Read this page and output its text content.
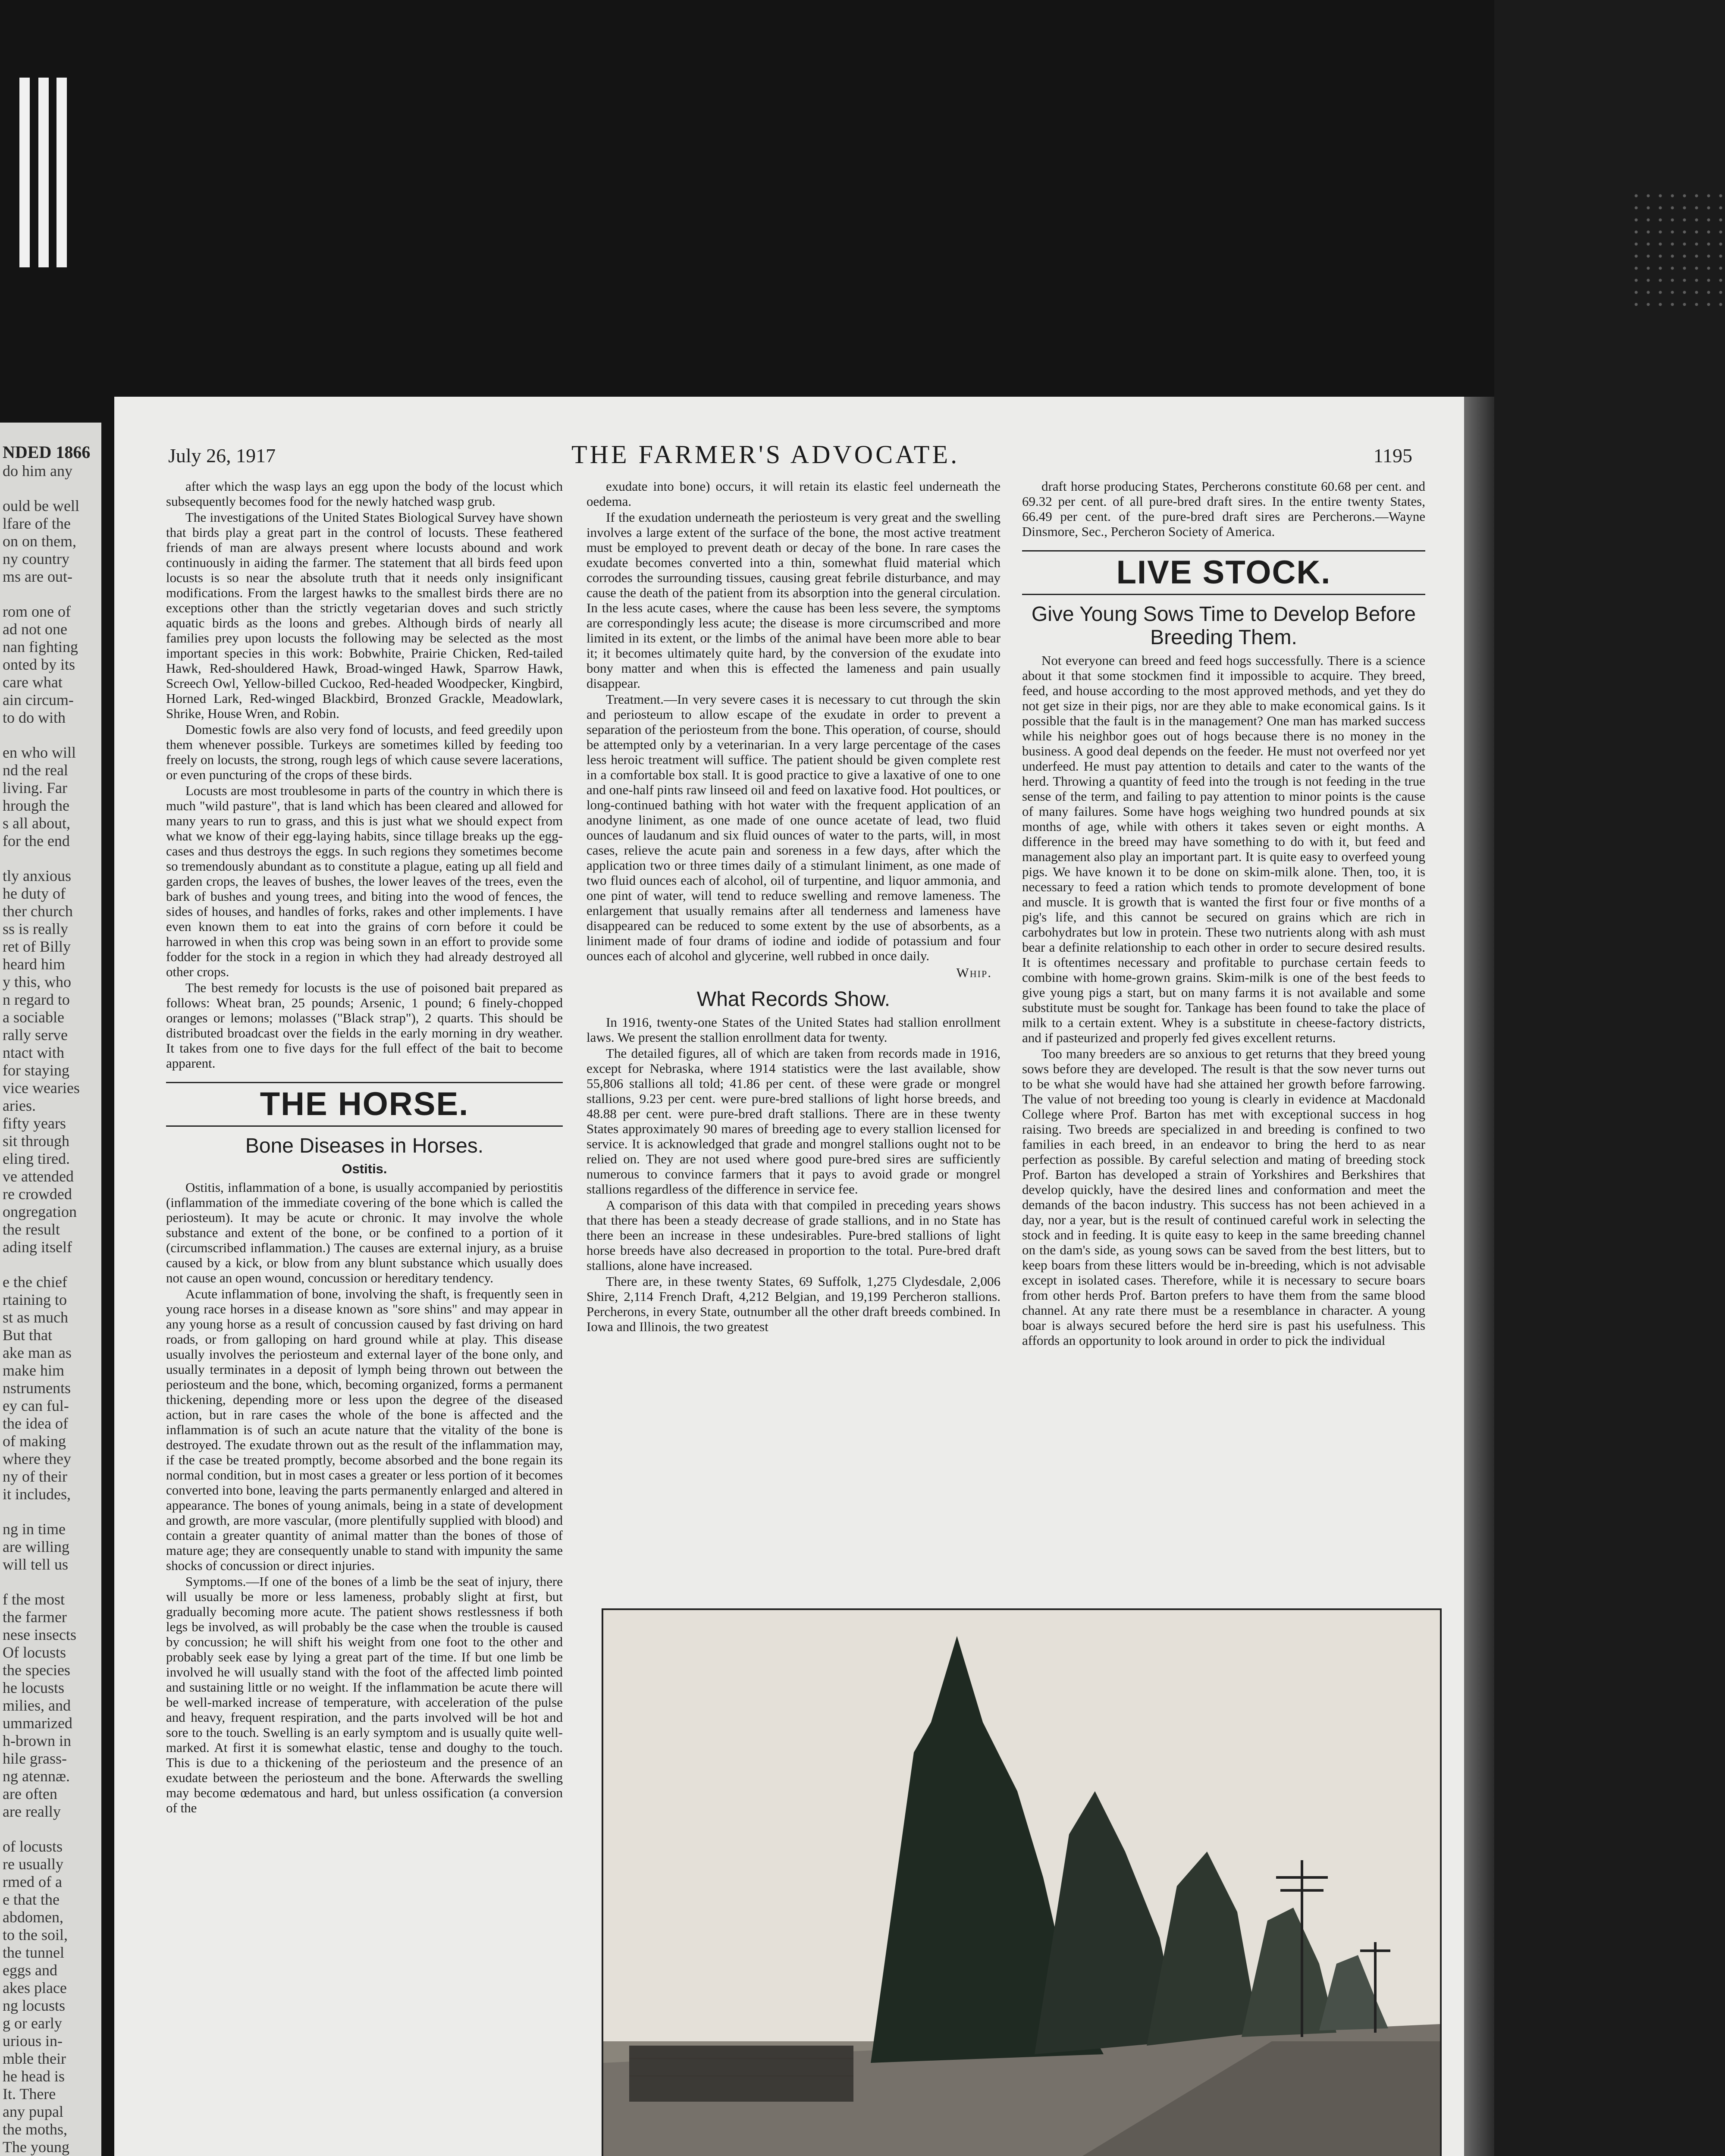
NDED 1866
do him any
ould be well
lfare of the
on on them,
ny country
ms are out-
rom one of
ad not one
nan fighting
onted by its
care what
ain circum-
to do with
en who will
nd the real
living. Far
hrough the
s all about,
for the end
tly anxious
he duty of
ther church
ss is really
ret of Billy
heard him
y this, who
n regard to
a sociable
rally serve
ntact with
for staying
vice wearies
aries.
fifty years
sit through
eling tired.
ve attended
re crowded
ongregation
the result
ading itself
e the chief
rtaining to
st as much
But that
ake man as
make him
nstruments
ey can ful-
the idea of
of making
where they
ny of their
it includes,
ng in time
are willing
will tell us
f the most
the farmer
nese insects
Of locusts
the species
he locusts
milies, and
ummarized
h-brown in
hile grass-
ng atennæ.
are often
are really
of locusts
re usually
rmed of a
e that the
abdomen,
to the soil,
the tunnel
eggs and
akes place
ng locusts
g or early
urious in-
mble their
he head is
It. There
any pupal
the moths,
The young
July 26, 1917	THE FARMER'S ADVOCATE.	1195

after which the wasp lays an egg upon the body of the locust which subsequently becomes food for the newly hatched wasp grub.

The investigations of the United States Biological Survey have shown that birds play a great part in the control of locusts. These feathered friends of man are always present where locusts abound and work continuously in aiding the farmer. The statement that all birds feed upon locusts is so near the absolute truth that it needs only insignificant modifications. From the largest hawks to the smallest birds there are no exceptions other than the strictly vegetarian doves and such strictly aquatic birds as the loons and grebes. Although birds of nearly all families prey upon locusts the following may be selected as the most important species in this work: Bobwhite, Prairie Chicken, Red-tailed Hawk, Red-shouldered Hawk, Broad-winged Hawk, Sparrow Hawk, Screech Owl, Yellow-billed Cuckoo, Red-headed Woodpecker, Kingbird, Horned Lark, Red-winged Blackbird, Bronzed Grackle, Meadowlark, Shrike, House Wren, and Robin.

Domestic fowls are also very fond of locusts, and feed greedily upon them whenever possible. Turkeys are sometimes killed by feeding too freely on locusts, the strong, rough legs of which cause severe lacerations, or even puncturing of the crops of these birds.

Locusts are most troublesome in parts of the country in which there is much "wild pasture", that is land which has been cleared and allowed for many years to run to grass, and this is just what we should expect from what we know of their egg-laying habits, since tillage breaks up the egg-cases and thus destroys the eggs. In such regions they sometimes become so tremendously abundant as to constitute a plague, eating up all field and garden crops, the leaves of bushes, the lower leaves of the trees, even the bark of bushes and young trees, and biting into the wood of fences, the sides of houses, and handles of forks, rakes and other implements. I have even known them to eat into the grains of corn before it could be harrowed in when this crop was being sown in an effort to provide some fodder for the stock in a region in which they had already destroyed all other crops.

The best remedy for locusts is the use of poisoned bait prepared as follows: Wheat bran, 25 pounds; Arsenic, 1 pound; 6 finely-chopped oranges or lemons; molasses ("Black strap"), 2 quarts. This should be distributed broadcast over the fields in the early morning in dry weather. It takes from one to five days for the full effect of the bait to become apparent.

THE HORSE.
Bone Diseases in Horses.
Ostitis.

Ostitis, inflammation of a bone, is usually accompanied by periostitis (inflammation of the immediate covering of the bone which is called the periosteum). It may be acute or chronic. It may involve the whole substance and extent of the bone, or be confined to a portion of it (circumscribed inflammation.) The causes are external injury, as a bruise caused by a kick, or blow from any blunt substance which usually does not cause an open wound, concussion or hereditary tendency.

Acute inflammation of bone, involving the shaft, is frequently seen in young race horses in a disease known as "sore shins" and may appear in any young horse as a result of concussion caused by fast driving on hard roads, or from galloping on hard ground while at play. This disease usually involves the periosteum and external layer of the bone only, and usually terminates in a deposit of lymph being thrown out between the periosteum and the bone, which, becoming organized, forms a permanent thickening, depending more or less upon the degree of the diseased action, but in rare cases the whole of the bone is affected and the inflammation is of such an acute nature that the vitality of the bone is destroyed. The exudate thrown out as the result of the inflammation may, if the case be treated promptly, become absorbed and the bone regain its normal condition, but in most cases a greater or less portion of it becomes converted into bone, leaving the parts permanently enlarged and altered in appearance. The bones of young animals, being in a state of development and growth, are more vascular, (more plentifully supplied with blood) and contain a greater quantity of animal matter than the bones of those of mature age; they are consequently unable to stand with impunity the same shocks of concussion or direct injuries.

Symptoms.—If one of the bones of a limb be the seat of injury, there will usually be more or less lameness, probably slight at first, but gradually becoming more acute. The patient shows restlessness if both legs be involved, as will probably be the case when the trouble is caused by concussion; he will shift his weight from one foot to the other and probably seek ease by lying a great part of the time. If but one limb be involved he will usually stand with the foot of the affected limb pointed and sustaining little or no weight. If the inflammation be acute there will be well-marked increase of temperature, with acceleration of the pulse and heavy, frequent respiration, and the parts involved will be hot and sore to the touch. Swelling is an early symptom and is usually quite well-marked. At first it is somewhat elastic, tense and doughy to the touch. This is due to a thickening of the periosteum and the presence of an exudate between the periosteum and the bone. Afterwards the swelling may become œdematous and hard, but unless ossification (a conversion of the

exudate into bone) occurs, it will retain its elastic feel underneath the oedema.

If the exudation underneath the periosteum is very great and the swelling involves a large extent of the surface of the bone, the most active treatment must be employed to prevent death or decay of the bone. In rare cases the exudate becomes converted into a thin, somewhat fluid material which corrodes the surrounding tissues, causing great febrile disturbance, and may cause the death of the patient from its absorption into the general circulation. In the less acute cases, where the cause has been less severe, the symptoms are correspondingly less acute; the disease is more circumscribed and more limited in its extent, or the limbs of the animal have been more able to bear it; it becomes ultimately quite hard, by the conversion of the exudate into bony matter and when this is effected the lameness and pain usually disappear.

Treatment.—In very severe cases it is necessary to cut through the skin and periosteum to allow escape of the exudate in order to prevent a separation of the periosteum from the bone. This operation, of course, should be attempted only by a veterinarian. In a very large percentage of the cases less heroic treatment will suffice. The patient should be given complete rest in a comfortable box stall. It is good practice to give a laxative of one to one and one-half pints raw linseed oil and feed on laxative food. Hot poultices, or long-continued bathing with hot water with the frequent application of an anodyne liniment, as one made of one ounce acetate of lead, two fluid ounces of laudanum and six fluid ounces of water to the parts, will, in most cases, relieve the acute pain and soreness in a few days, after which the application two or three times daily of a stimulant liniment, as one made of two fluid ounces each of alcohol, oil of turpentine, and liquor ammonia, and one pint of water, will tend to reduce swelling and remove lameness. The enlargement that usually remains after all tenderness and lameness have disappeared can be reduced to some extent by the use of absorbents, as a liniment made of four drams of iodine and iodide of potassium and four ounces each of alcohol and glycerine, well rubbed in once daily.

Whip.
What Records Show.

In 1916, twenty-one States of the United States had stallion enrollment laws. We present the stallion enrollment data for twenty.

The detailed figures, all of which are taken from records made in 1916, except for Nebraska, where 1914 statistics were the last available, show 55,806 stallions all told; 41.86 per cent. of these were grade or mongrel stallions, 9.23 per cent. were pure-bred stallions of light horse breeds, and 48.88 per cent. were pure-bred draft stallions. There are in these twenty States approximately 90 mares of breeding age to every stallion licensed for service. It is acknowledged that grade and mongrel stallions ought not to be relied on. They are not used where good pure-bred sires are sufficiently numerous to convince farmers that it pays to avoid grade or mongrel stallions regardless of the difference in service fee.

A comparison of this data with that compiled in preceding years shows that there has been a steady decrease of grade stallions, and in no State has there been an increase in these undesirables. Pure-bred stallions of light horse breeds have also decreased in proportion to the total. Pure-bred draft stallions, alone have increased.

There are, in these twenty States, 69 Suffolk, 1,275 Clydesdale, 2,006 Shire, 2,114 French Draft, 4,212 Belgian, and 19,199 Percheron stallions. Percherons, in every State, outnumber all the other draft breeds combined. In Iowa and Illinois, the two greatest

draft horse producing States, Percherons constitute 60.68 per cent. and 69.32 per cent. of all pure-bred draft sires. In the entire twenty States, 66.49 per cent. of the pure-bred draft sires are Percherons.—Wayne Dinsmore, Sec., Percheron Society of America.

LIVE STOCK.
Give Young Sows Time to Develop Before Breeding Them.

Not everyone can breed and feed hogs successfully. There is a science about it that some stockmen find it impossible to acquire. They breed, feed, and house according to the most approved methods, and yet they do not get size in their pigs, nor are they able to make economical gains. Is it possible that the fault is in the management? One man has marked success while his neighbor goes out of hogs because there is no money in the business. A good deal depends on the feeder. He must not overfeed nor yet underfeed. He must pay attention to details and cater to the wants of the herd. Throwing a quantity of feed into the trough is not feeding in the true sense of the term, and failing to pay attention to minor points is the cause of many failures. Some have hogs weighing two hundred pounds at six months of age, while with others it takes seven or eight months. A difference in the breed may have something to do with it, but feed and management also play an important part. It is quite easy to overfeed young pigs. We have known it to be done on skim-milk alone. Then, too, it is necessary to feed a ration which tends to promote development of bone and muscle. It is growth that is wanted the first four or five months of a pig's life, and this cannot be secured on grains which are rich in carbohydrates but low in protein. These two nutrients along with ash must bear a definite relationship to each other in order to secure desired results. It is oftentimes necessary and profitable to purchase certain feeds to combine with home-grown grains. Skim-milk is one of the best feeds to give young pigs a start, but on many farms it is not available and some substitute must be sought for. Tankage has been found to take the place of milk to a certain extent. Whey is a substitute in cheese-factory districts, and if pasteurized and properly fed gives excellent returns.

Too many breeders are so anxious to get returns that they breed young sows before they are developed. The result is that the sow never turns out to be what she would have had she attained her growth before farrowing. The value of not breeding too young is clearly in evidence at Macdonald College where Prof. Barton has met with exceptional success in hog raising. Two breeds are specialized in and breeding is confined to two families in each breed, in an endeavor to bring the herd to as near perfection as possible. By careful selection and mating of breeding stock Prof. Barton has developed a strain of Yorkshires and Berkshires that develop quickly, have the desired lines and conformation and meet the demands of the bacon industry. This success has not been achieved in a day, nor a year, but is the result of continued careful work in selecting the stock and in feeding. It is quite easy to keep in the same breeding channel on the dam's side, as young sows can be saved from the best litters, but to keep boars from these litters would be in-breeding, which is not advisable except in isolated cases. Therefore, while it is necessary to secure boars from other herds Prof. Barton prefers to have them from the same blood channel. At any rate there must be a resemblance in character. A young boar is always secured before the herd sire is past his usefulness. This affords an opportunity to look around in order to pick the individual
